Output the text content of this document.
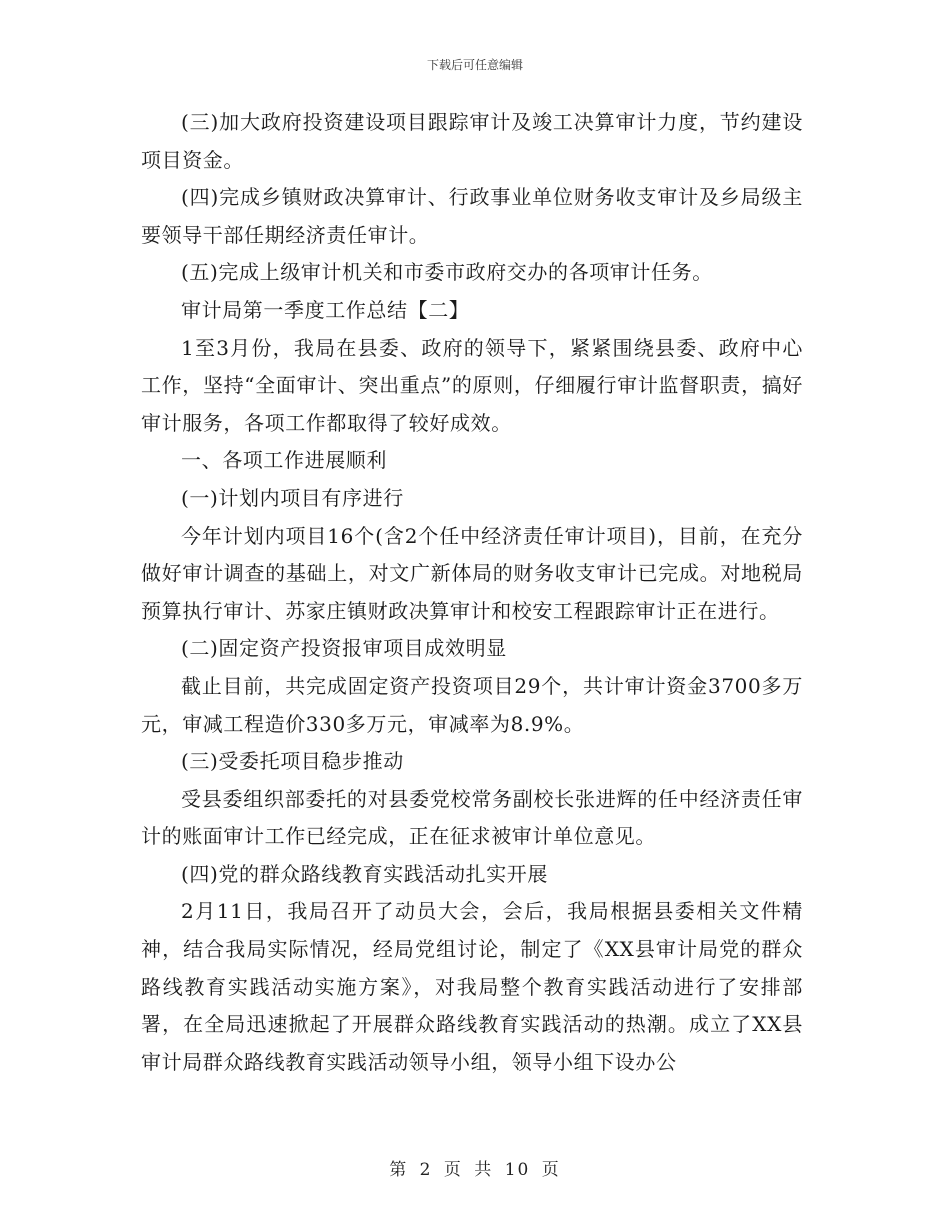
下载后可任意编辑

(三)加大政府投资建设项目跟踪审计及竣工决算审计力度，节约建设项目资金。

(四)完成乡镇财政决算审计、行政事业单位财务收支审计及乡局级主要领导干部任期经济责任审计。

(五)完成上级审计机关和市委市政府交办的各项审计任务。

审计局第一季度工作总结【二】

1至3月份，我局在县委、政府的领导下，紧紧围绕县委、政府中心工作，坚持“全面审计、突出重点”的原则，仔细履行审计监督职责，搞好审计服务，各项工作都取得了较好成效。

一、各项工作进展顺利

(一)计划内项目有序进行

今年计划内项目16个(含2个任中经济责任审计项目)，目前，在充分做好审计调查的基础上，对文广新体局的财务收支审计已完成。对地税局预算执行审计、苏家庄镇财政决算审计和校安工程跟踪审计正在进行。

(二)固定资产投资报审项目成效明显

截止目前，共完成固定资产投资项目29个，共计审计资金3700多万元，审减工程造价330多万元，审减率为8.9%。

(三)受委托项目稳步推动

受县委组织部委托的对县委党校常务副校长张进辉的任中经济责任审计的账面审计工作已经完成，正在征求被审计单位意见。

(四)党的群众路线教育实践活动扎实开展

2月11日，我局召开了动员大会，会后，我局根据县委相关文件精神，结合我局实际情况，经局党组讨论，制定了《XX县审计局党的群众路线教育实践活动实施方案》，对我局整个教育实践活动进行了安排部署，在全局迅速掀起了开展群众路线教育实践活动的热潮。成立了XX县审计局群众路线教育实践活动领导小组，领导小组下设办公

第 2 页 共 10 页
